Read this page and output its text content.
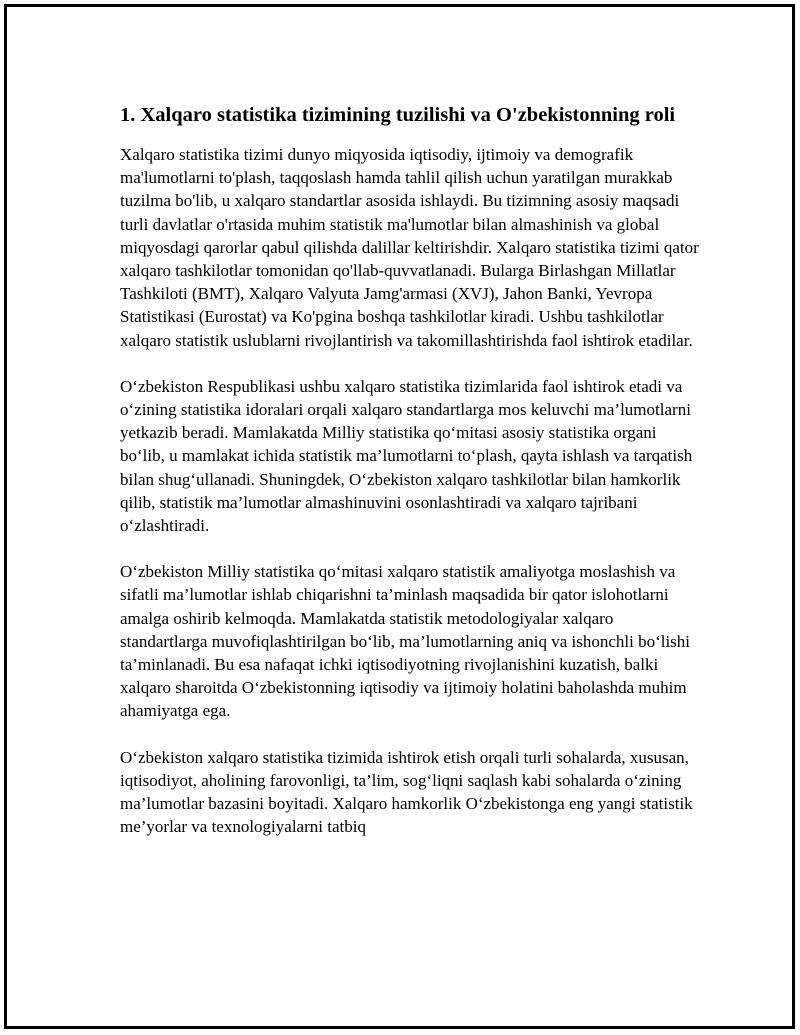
1. Xalqaro statistika tizimining tuzilishi va O'zbekistonning roli

Xalqaro statistika tizimi dunyo miqyosida iqtisodiy, ijtimoiy va demografik ma'lumotlarni to'plash, taqqoslash hamda tahlil qilish uchun yaratilgan murakkab tuzilma bo'lib, u xalqaro standartlar asosida ishlaydi. Bu tizimning asosiy maqsadi turli davlatlar o'rtasida muhim statistik ma'lumotlar bilan almashinish va global miqyosdagi qarorlar qabul qilishda dalillar keltirishdir. Xalqaro statistika tizimi qator xalqaro tashkilotlar tomonidan qo'llab-quvvatlanadi. Bularga Birlashgan Millatlar Tashkiloti (BMT), Xalqaro Valyuta Jamg'armasi (XVJ), Jahon Banki, Yevropa Statistikasi (Eurostat) va Ko'pgina boshqa tashkilotlar kiradi. Ushbu tashkilotlar xalqaro statistik uslublarni rivojlantirish va takomillashtirishda faol ishtirok etadilar.

O‘zbekiston Respublikasi ushbu xalqaro statistika tizimlarida faol ishtirok etadi va o‘zining statistika idoralari orqali xalqaro standartlarga mos keluvchi ma’lumotlarni yetkazib beradi. Mamlakatda Milliy statistika qo‘mitasi asosiy statistika organi bo‘lib, u mamlakat ichida statistik ma’lumotlarni to‘plash, qayta ishlash va tarqatish bilan shug‘ullanadi. Shuningdek, O‘zbekiston xalqaro tashkilotlar bilan hamkorlik qilib, statistik ma’lumotlar almashinuvini osonlashtiradi va xalqaro tajribani o‘zlashtiradi.

O‘zbekiston Milliy statistika qo‘mitasi xalqaro statistik amaliyotga moslashish va sifatli ma’lumotlar ishlab chiqarishni ta’minlash maqsadida bir qator islohotlarni amalga oshirib kelmoqda. Mamlakatda statistik metodologiyalar xalqaro standartlarga muvofiqlashtirilgan bo‘lib, ma’lumotlarning aniq va ishonchli bo‘lishi ta’minlanadi. Bu esa nafaqat ichki iqtisodiyotning rivojlanishini kuzatish, balki xalqaro sharoitda O‘zbekistonning iqtisodiy va ijtimoiy holatini baholashda muhim ahamiyatga ega.

O‘zbekiston xalqaro statistika tizimida ishtirok etish orqali turli sohalarda, xususan, iqtisodiyot, aholining farovonligi, ta’lim, sog‘liqni saqlash kabi sohalarda o‘zining ma’lumotlar bazasini boyitadi. Xalqaro hamkorlik O‘zbekistonga eng yangi statistik me’yorlar va texnologiyalarni tatbiq
